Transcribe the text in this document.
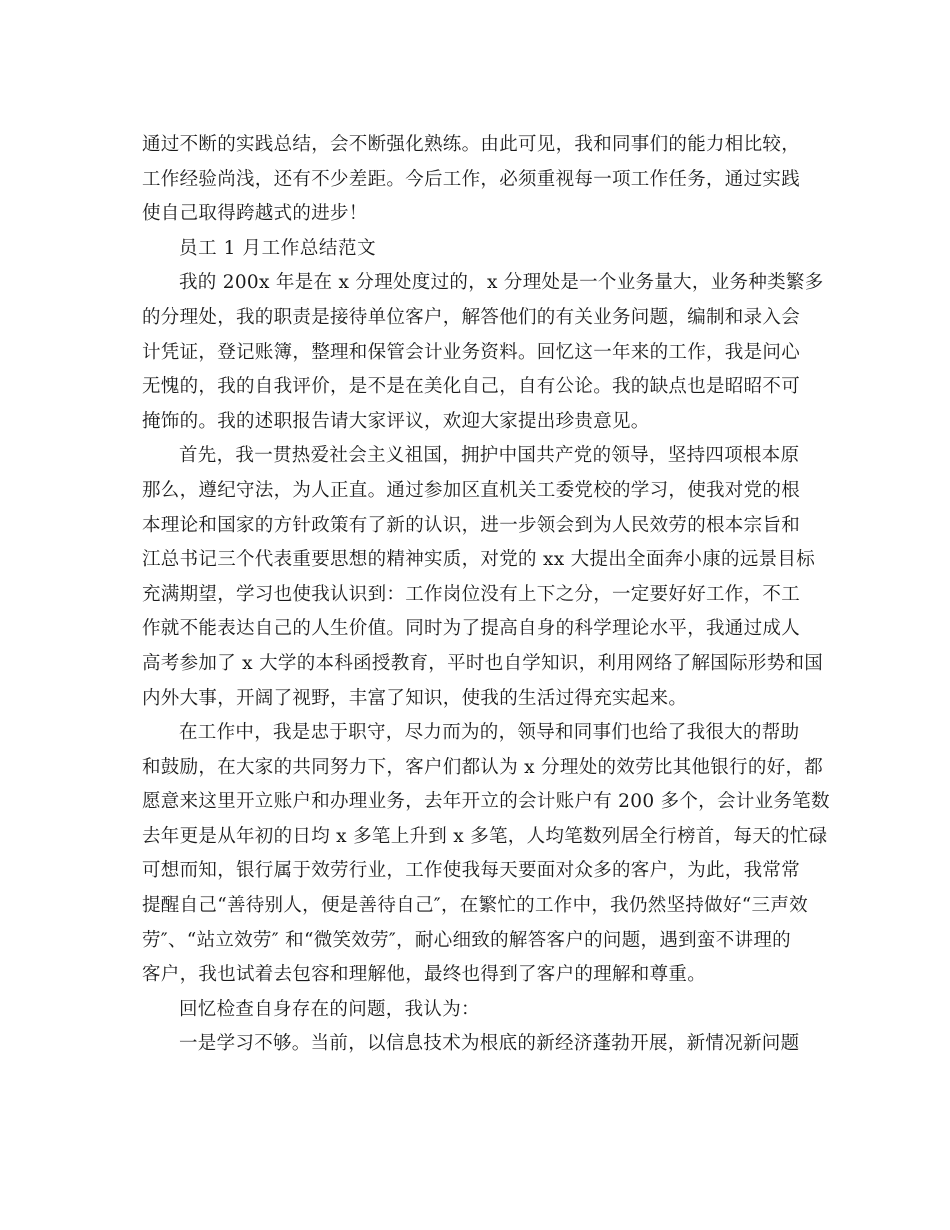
通过不断的实践总结，会不断强化熟练。由此可见，我和同事们的能力相比较，
工作经验尚浅，还有不少差距。今后工作，必须重视每一项工作任务，通过实践
使自己取得跨越式的进步！
员工 1 月工作总结范文
我的 200x 年是在 x 分理处度过的，x 分理处是一个业务量大，业务种类繁多
的分理处，我的职责是接待单位客户，解答他们的有关业务问题，编制和录入会
计凭证，登记账簿，整理和保管会计业务资料。回忆这一年来的工作，我是问心
无愧的，我的自我评价，是不是在美化自己，自有公论。我的缺点也是昭昭不可
掩饰的。我的述职报告请大家评议，欢迎大家提出珍贵意见。
首先，我一贯热爱社会主义祖国，拥护中国共产党的领导，坚持四项根本原
那么，遵纪守法，为人正直。通过参加区直机关工委党校的学习，使我对党的根
本理论和国家的方针政策有了新的认识，进一步领会到为人民效劳的根本宗旨和
江总书记三个代表重要思想的精神实质，对党的 xx 大提出全面奔小康的远景目标
充满期望，学习也使我认识到：工作岗位没有上下之分，一定要好好工作，不工
作就不能表达自己的人生价值。同时为了提高自身的科学理论水平，我通过成人
高考参加了 x 大学的本科函授教育，平时也自学知识，利用网络了解国际形势和国
内外大事，开阔了视野，丰富了知识，使我的生活过得充实起来。
在工作中，我是忠于职守，尽力而为的，领导和同事们也给了我很大的帮助
和鼓励，在大家的共同努力下，客户们都认为 x 分理处的效劳比其他银行的好，都
愿意来这里开立账户和办理业务，去年开立的会计账户有 200 多个，会计业务笔数
去年更是从年初的日均 x 多笔上升到 x 多笔，人均笔数列居全行榜首，每天的忙碌
可想而知，银行属于效劳行业，工作使我每天要面对众多的客户，为此，我常常
提醒自己“善待别人，便是善待自己″，在繁忙的工作中，我仍然坚持做好“三声效
劳″、“站立效劳″ 和“微笑效劳″，耐心细致的解答客户的问题，遇到蛮不讲理的
客户，我也试着去包容和理解他，最终也得到了客户的理解和尊重。
回忆检查自身存在的问题，我认为：
一是学习不够。当前，以信息技术为根底的新经济蓬勃开展，新情况新问题
